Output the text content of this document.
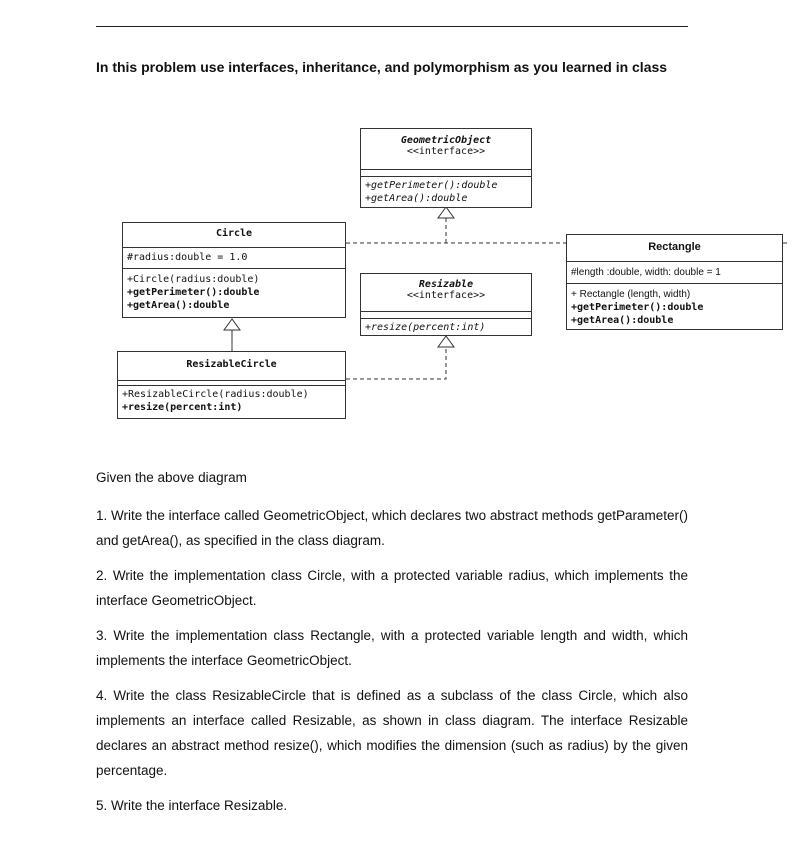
In this problem use interfaces, inheritance, and polymorphism as you learned in class
GeometricObject
<<interface>>
+getPerimeter():double
+getArea():double
Circle
#radius:double = 1.0
+Circle(radius:double)
+getPerimeter():double
+getArea():double
Resizable
<<interface>>
+resize(percent:int)
Rectangle
#length :double, width: double = 1
+ Rectangle (length, width)
+getPerimeter():double
+getArea():double
ResizableCircle
+ResizableCircle(radius:double)
+resize(percent:int)
Given the above diagram
1. Write the interface called GeometricObject, which declares two abstract methods getParameter() and getArea(), as specified in the class diagram.
2. Write the implementation class Circle, with a protected variable radius, which implements the interface GeometricObject.
3. Write the implementation class Rectangle, with a protected variable length and width, which implements the interface GeometricObject.
4. Write the class ResizableCircle that is defined as a subclass of the class Circle, which also implements an interface called Resizable, as shown in class diagram. The interface Resizable declares an abstract method resize(), which modifies the dimension (such as radius) by the given percentage.
5. Write the interface Resizable.
